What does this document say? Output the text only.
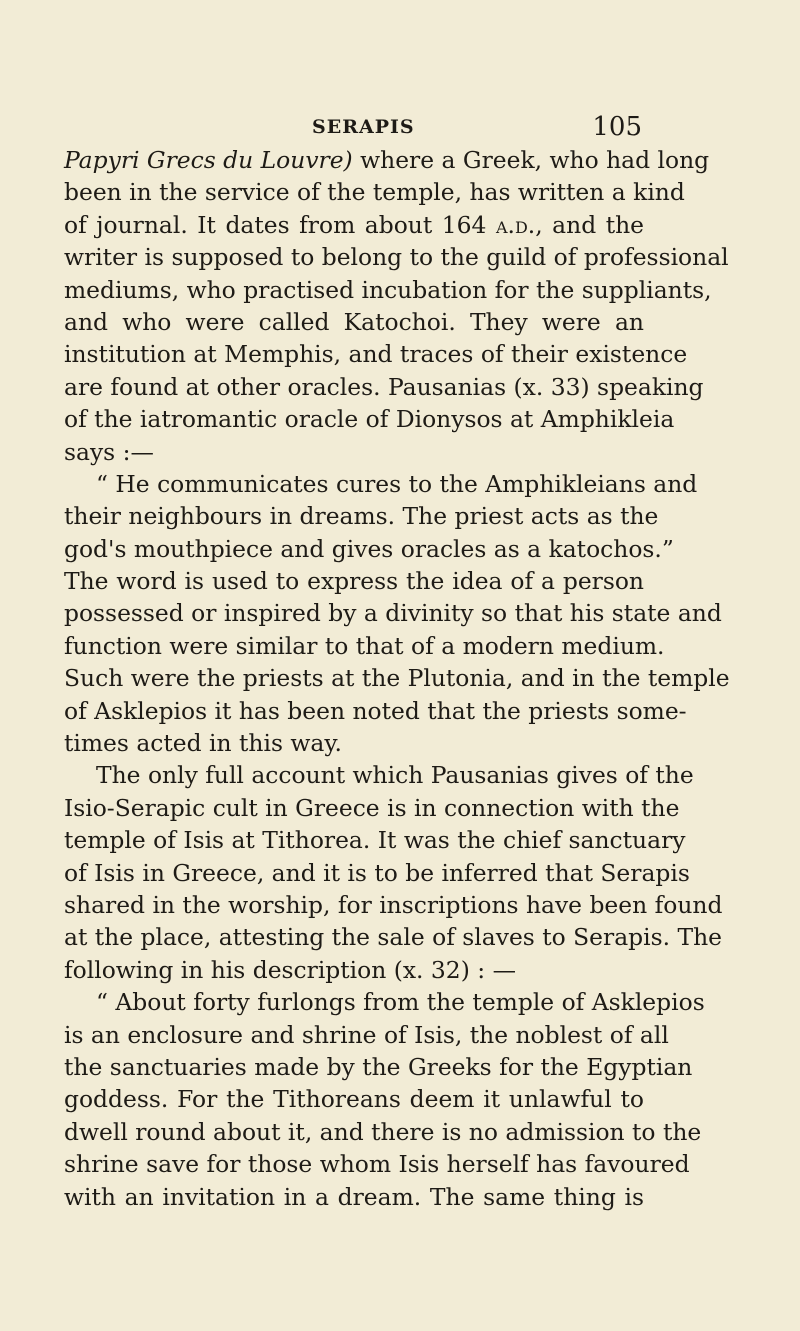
SERAPIS	105
Papyri Grecs du Louvre) where a Greek, who had long
been in the service of the temple, has written a kind
of journal. It dates from about 164 a.d., and the
writer is supposed to belong to the guild of professional
mediums, who practised incubation for the suppliants,
and who were called Katochoi. They were an
institution at Memphis, and traces of their existence
are found at other oracles. Pausanias (x. 33) speaking
of the iatromantic oracle of Dionysos at Amphikleia
says :—
“ He communicates cures to the Amphikleians and
their neighbours in dreams. The priest acts as the
god's mouthpiece and gives oracles as a katochos.”
The word is used to express the idea of a person
possessed or inspired by a divinity so that his state and
function were similar to that of a modern medium.
Such were the priests at the Plutonia, and in the temple
of Asklepios it has been noted that the priests some-
times acted in this way.
The only full account which Pausanias gives of the
Isio-Serapic cult in Greece is in connection with the
temple of Isis at Tithorea. It was the chief sanctuary
of Isis in Greece, and it is to be inferred that Serapis
shared in the worship, for inscriptions have been found
at the place, attesting the sale of slaves to Serapis. The
following in his description (x. 32) : —
“ About forty furlongs from the temple of Asklepios
is an enclosure and shrine of Isis, the noblest of all
the sanctuaries made by the Greeks for the Egyptian
goddess. For the Tithoreans deem it unlawful to
dwell round about it, and there is no admission to the
shrine save for those whom Isis herself has favoured
with an invitation in a dream. The same thing is
